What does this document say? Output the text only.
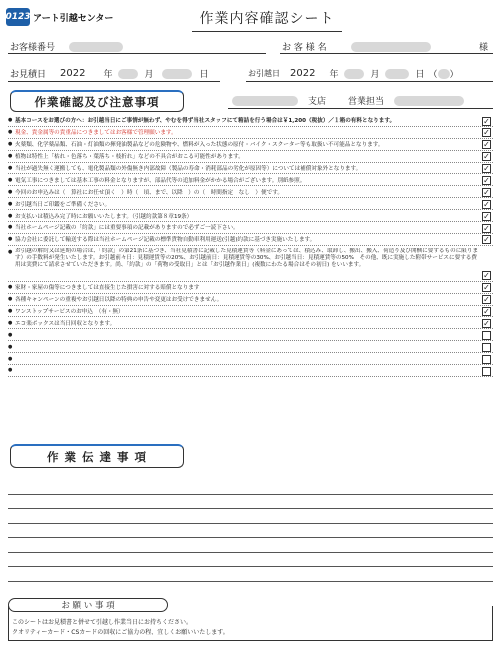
0123 アート引越センター	作業内容確認シート
お客様番号	お 客 様 名	様
お見積日 2022 年	月	日	お引越日 2022 年	月	日 （ ）
作業確認及び注意事項	支店 営業担当
● 基本コースをお選びの方へ：お引越当日にご事情が無わず、やむを得ず当社スタッフにて箱詰を行う場合は￥1,200（税抜）／１箱の有料となります。	✓
● 現金、貴金属等の貴重品につきましてはお客様で管理願います。	✓
● 火薬類、化学薬品類、石油・灯油類の揮発油製品などの危険物や、燃料が入った状態の原付・バイク・スクーター等も取扱い不可能品となります。	✓
● 植物は特性上「枯れ・色落ち・葉落ち・枝折れ」などの不具合がおこる可能性があります。	✓
● 当社が過失無く運搬しても、電化製品類の外傷無き内部故障（製品の寿命・消耗部品の劣化が原因等）については補償対象外となります。	✓
● 電気工事につきましては基本工事の料金となりますが、部品代等の追加料金がかかる場合がございます。別紙参照。	✓
● 今回のお申込みは（　算社にお任せ頂く　）時（　頃、まで、以降　）の（　時間指定　なし　）便です。	✓
● お引越当日ご印鑑をご準備ください。	✓
● お支払いは積込み完了時にお願いいたします。（引越約款第８章19条）	✓
● 当社ホームページ記載の「約款」には重要事項の記載がありますので必ずご一読下さい。	✓
● 協力会社に委託して輸送する際は当社ホームページ記載の標準貨物自動車利用運送(引越)約款に基づき実施いたします。	✓
● お引越の解約又は延期の場合は、「約款」の第21条に基づき、当社見積書に記載した見積運賃等（料金にあっては、積込み、取卸し、搬出、搬入、荷造り及び開梱に要するものに限ります）の手数料が発生いたします。お引越前々日：見積運賃等の20%、お引越前日：見積運賃等の30%、お引越当日：見積運賃等の50%　その他、既に実施した附帯サービスに要する費用は実費にて請求させていただきます。尚、「約款」の「荷物の受取日」とは「お引越作業日」(複数にわたる場合はその初日) をいいます。
✓
● 家財・家屋の傷等につきましては直接生じた損害に対する賠償となります	✓
● 各種キャンペーンの重複やお引越日以降の特典の申告や変更はお受けできません。	✓
● ワンストップサービスのお申込　（有・無）	✓
● エコ楽ボックスは当日回収となります。	✓
●
●
●
●
作 業 伝 達 事 項
お 願 い 事 項
このシートはお見積書と併せて引越し作業当日にお持ちください。
クオリティーカード・CSカードの回収にご協力の程、宜しくお願いいたします。
